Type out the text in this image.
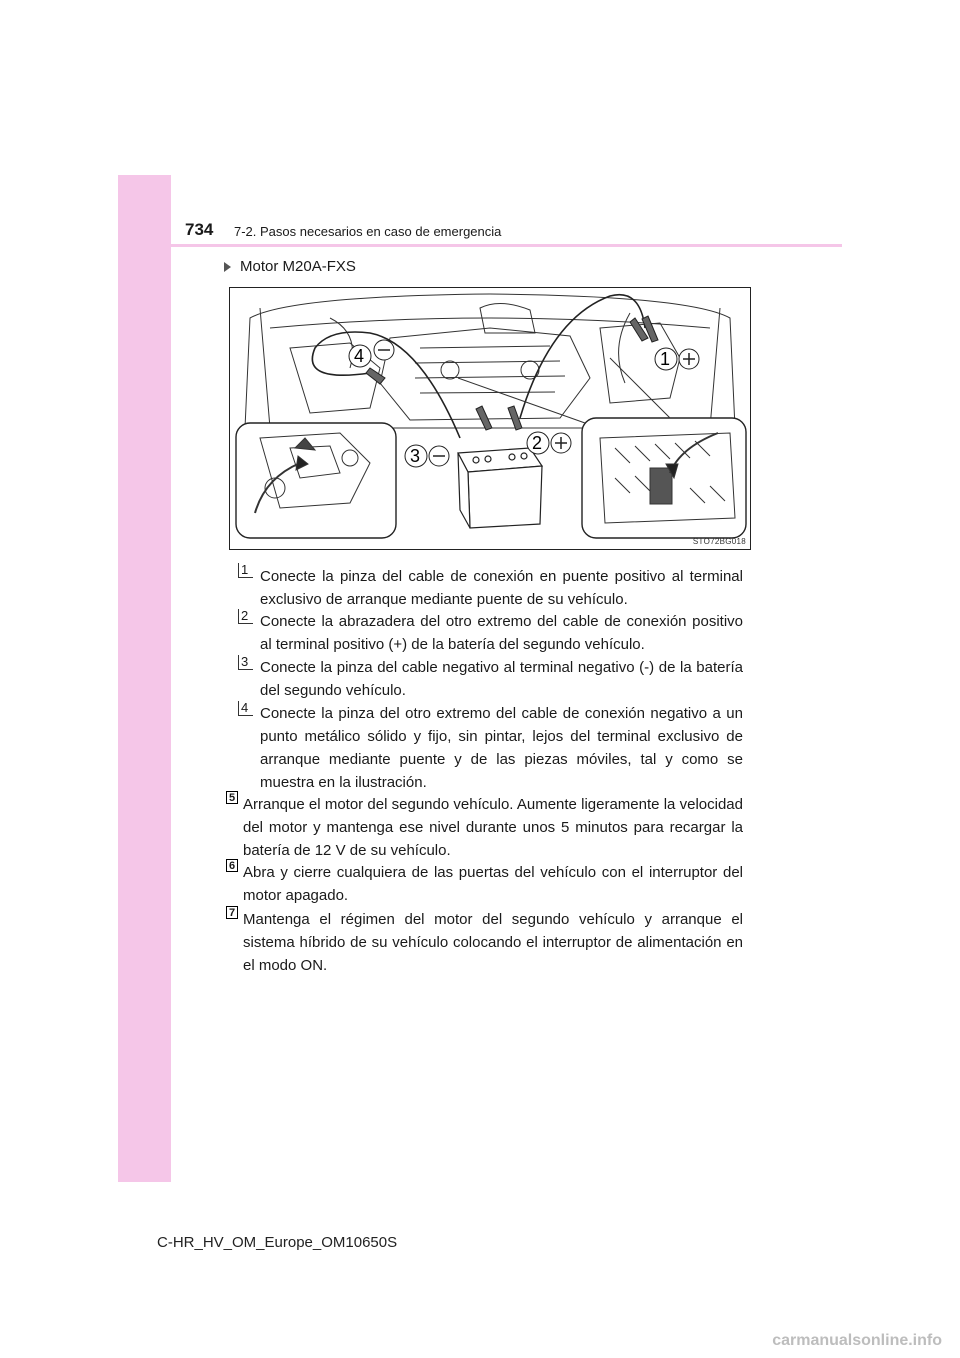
734 7-2. Pasos necesarios en caso de emergencia
Motor M20A-FXS
4	1
2
3
STO72BG018
1 Conecte la pinza del cable de conexión en puente positivo al terminal exclusivo de arranque mediante puente de su vehículo.
2 Conecte la abrazadera del otro extremo del cable de conexión positivo al terminal positivo (+) de la batería del segundo vehículo.
3 Conecte la pinza del cable negativo al terminal negativo (-) de la batería del segundo vehículo.
4 Conecte la pinza del otro extremo del cable de conexión negativo a un punto metálico sólido y fijo, sin pintar, lejos del terminal exclusivo de arranque mediante puente y de las piezas móviles, tal y como se muestra en la ilustración.
5 Arranque el motor del segundo vehículo. Aumente ligeramente la velocidad del motor y mantenga ese nivel durante unos 5 minutos para recargar la batería de 12 V de su vehículo.
6 Abra y cierre cualquiera de las puertas del vehículo con el interruptor del motor apagado.
7 Mantenga el régimen del motor del segundo vehículo y arranque el sistema híbrido de su vehículo colocando el interruptor de alimentación en el modo ON.
C-HR_HV_OM_Europe_OM10650S
carmanualsonline.info
